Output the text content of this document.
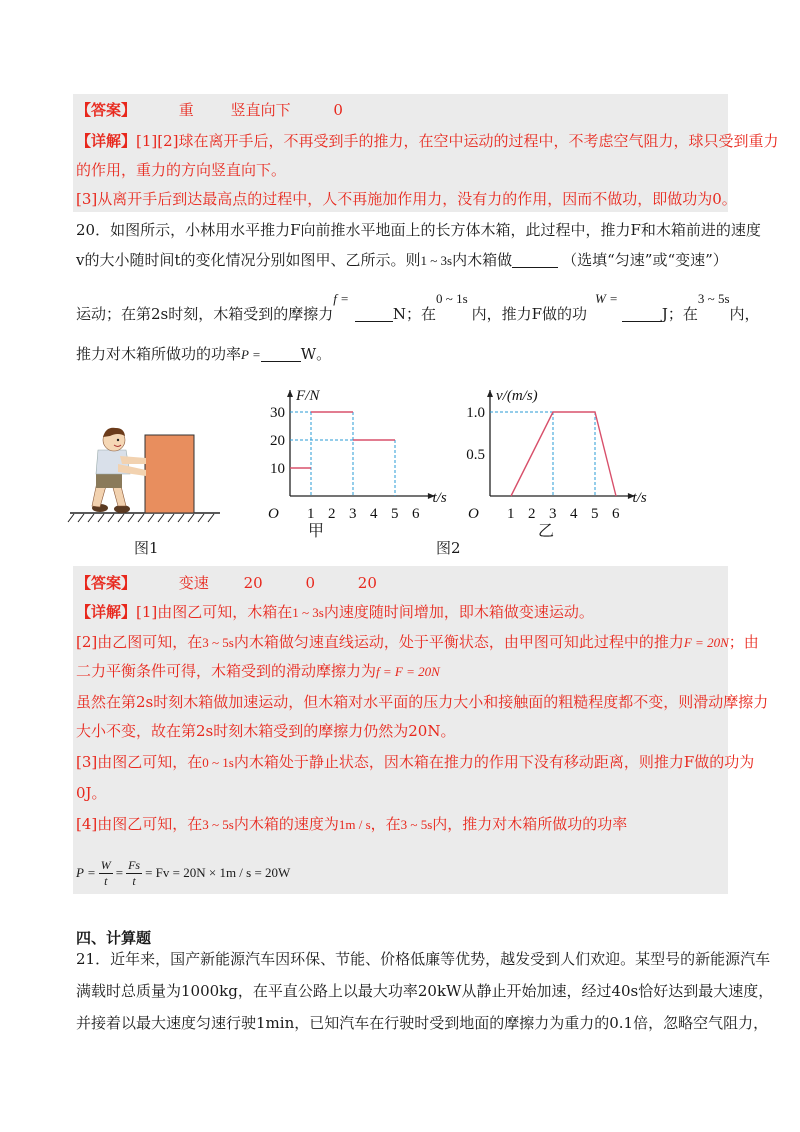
【答案】	重 竖直向下	0
【详解】[1][2]球在离开手后，不再受到手的推力，在空中运动的过程中，不考虑空气阻力，球只受到重力
的作用，重力的方向竖直向下。
[3]从离开手后到达最高点的过程中，人不再施加作用力，没有力的作用，因而不做功，即做功为0。
20．如图所示，小林用水平推力F向前推水平地面上的长方体木箱，此过程中，推力F和木箱前进的速度
v的大小随时间t的变化情况分别如图甲、乙所示。则1 ~ 3s内木箱做	（选填“匀速”或“变速”）
运动；在第2s时刻，木箱受到的摩擦力f =N；在0 ~ 1s内，推力F做的功W =J；在3 ~ 5s内，
推力对木箱所做功的功率P =	W。
图1
F/N
t/s
O 1 2 3 4 5 6
10
20
30
甲
v/(m/s)
t/s
O 1 2 3 4 5 6
0.5
1.0
乙
图2
【答案】	变速 20	0	20
【详解】[1]由图乙可知，木箱在1 ~ 3s内速度随时间增加，即木箱做变速运动。
[2]由乙图可知，在3 ~ 5s内木箱做匀速直线运动，处于平衡状态，由甲图可知此过程中的推力F = 20N；由
二力平衡条件可得，木箱受到的滑动摩擦力为f = F = 20N
虽然在第2s时刻木箱做加速运动，但木箱对水平面的压力大小和接触面的粗糙程度都不变，则滑动摩擦力
大小不变，故在第2s时刻木箱受到的摩擦力仍然为20N。
[3]由图乙可知，在0 ~ 1s内木箱处于静止状态，因木箱在推力的作用下没有移动距离，则推力F做的功为
0J。
[4]由图乙可知，在3 ~ 5s内木箱的速度为1m / s，在3 ~ 5s内，推力对木箱所做功的功率
$P = \frac{W}{t} = \frac{Fs}{t} = Fv = 20N \times 1m / s = 20W$
四、计算题
21．近年来，国产新能源汽车因环保、节能、价格低廉等优势，越发受到人们欢迎。某型号的新能源汽车
满载时总质量为1000kg，在平直公路上以最大功率20kW从静止开始加速，经过40s恰好达到最大速度，
并接着以最大速度匀速行驶1min，已知汽车在行驶时受到地面的摩擦力为重力的0.1倍，忽略空气阻力，
